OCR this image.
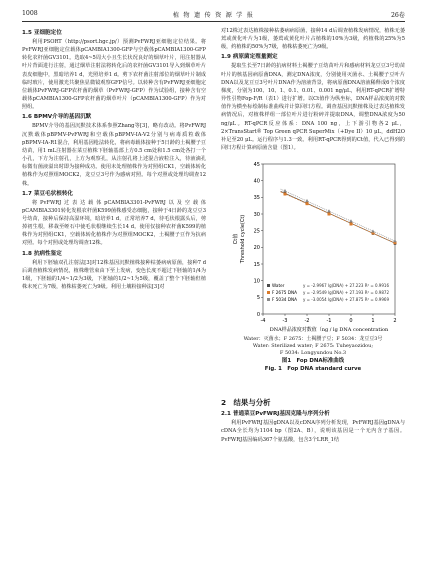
1008	植 物 遗 传 资 源 学 报	26卷
1.5 亚细胞定位

利用PSORT（http://psort.hgc.jp/）预测PvFWRJ亚细胞定位结果。将PvFWRJ亚细胞定位载体pCAMBIA1300-GFP与空载体pCAMBIA1300-GFP转化农杆菌GV3101。选取4~5周大小且生长状况良好的烟草叶片，用注射器从叶片背面进行注射，通过烟草注射法将转化后的农杆菌GV3101导入到烟草叶片表皮细胞中，黑暗培养1 d，光照培养1 d。剪下农杆菌注射部位的烟草叶片制成临时玻片，使用激光共聚焦显微镜观察GFP信号。以转种含有PvFWRJ亚细胞定位载体PvFWRJ-GFP农杆菌的烟草（PvFWRJ-GFP）作为试验组，接种含有空载体pCAMBIA1300-GFP农杆菌的烟草叶片（pCAMBIA1300-GFP）作为对照组。

1.6 BPMV介导的基因沉默

BPMV介导的基因沉默技术体系参照Zhang等[3]，略有改动。将PvFWRJ沉默载体pBPMV-PvFWRJ和空载体pBPMV-IA-V2分别与病毒质粒载体pBPMV-IA-R1混合，利用基因枪法转化，将病毒载体接种于5日龄的土褐腰子豆幼苗，用1 mL注射器在菜豆植株下胚轴基部上方0.5 cm处和1.5 cm处各打一个小孔，下方为注射孔，上方为观察孔，从注射孔将上述混合液粒注入，待液滴孔标微有菌液溢出时即为接种成功。使用未处理植株作为对照组CK1，空载体转化植株作为对照组MOCK2，龙豆豆3号作为感病对照。每个对照或处理均调查12株。

1.7 菜豆毛状根转化

将PvFWRJ过表达载体pCAMBIA3301-PvFWRJ以及空载体pCAMBIA3301转化发根农杆菌K599菌株感受态细胞，接种于4日龄的龙豆豆3号幼苗，接种后保持高湿环境，暗培养1 d，正常培养7 d，待毛状根露头后，剪掉初生根，移栽至蛭石中使毛状根继续生长14 d。使用仅接种农杆菌K599的植株作为对照组CK1，空载体转化植株作为对照组MOCK2，土褐腰子豆作为抗病对照。每个对照或处理均调查12株。

1.8 抗病性鉴定

利用下胚轴双孔注射法[3]对12株基因沉默植株接种枯萎病病原菌，接种7 d后调查植株发病情况，植株维管束由下至上发病，变色长度不超过下胚轴的1/4为1级，下胚轴的1/4~1/2为3级，下胚轴的1/2~1为5级，覆盖了整个下胚轴但植株未死亡为7级，植株枯萎死亡为9级。利用土壤粉接种法[3]对

对12株过表达植株接种枯萎病病原菌，接种14 d后调查植株发病情况，植株无萎蔫或黄化叶片为1级，萎蔫或黄化叶片占植株的10%为3级，约植株的25%为5级，约植株的50%为7级，植株枯萎死亡为9级。

1.9 病原菌定殖量测定

提取生长至7日龄的抗病材料土褐腰子豆幼苗叶片和感病材料龙豆豆3号幼苗叶片的核基因病原菌DNA，测定DNA浓度，分别使用灭菌水、土褐腰子豆叶片DNA以及龙豆豆3号叶片DNA作为溶液背景，将病原菌DNA溶液稀释成6个浓度梯度，分别为100、10、1、0.1、0.01、0.001 ng/μL，利用RT-qPCR扩增特异性引物Fop-F/R（表1）进行扩增。以Ct值作为纵坐标，DNA样品浓度的对数值作为横坐标绘制标准曲线并计算回归方程。调查基因沉默植株及过表达植株发病情况后，对植株样组一部位叶片进行粉碎并提取DNA，调整DNA浓度为50 ng/μL。RT-qPCR反应体系：DNA 100 ng，上下游引物各2 μL，2×TransStart® Top Green qPCR SuperMix（+Dye II）10 μL，ddH2O补足至20 μL。运行程序与1.3一致。利用RT-qPCR得到的Ct值，代入已得到的回归方程计算病原菌含量（图1）。

0
5
10
15
20
25
30
35
40
45
-4	-3	-2	-1	0	1	2
Ct值 Threshold cycle(Ct)
DNA样品浓度对数值（ng / lg DNA concentration
Water	y = -2.9967 lg(DNA) + 27.223 R² = 0.9916
F 2675 DNA y = -2.9549 lg(DNA) + 27.193 R² = 0.9872
F 5034 DNA y = -3.0054 lg(DNA) + 27.875 R² = 0.9969
Water：灭菌水；F 2675：土褐腰子豆；F 5034：龙豆豆3号
Water: Sterilized water; F 2675: Tuheyaozidou;
F 5034: Longyundou No.3
图1　Fop DNA标准曲线
Fig. 1　Fop DNA standard curve
2　结果与分析
2.1 普通菜豆PvFWRJ基因克隆与序列分析

利用PvFWRJ基因gDNA以及cDNA序列分析发现，PvFWRJ基因gDNA与cDNA全长均为1104 bp（图2A、B），说明该基因是一个无内含子基因。PvFWRJ基因编码367个氨基酸，包含3个LRR_1结
